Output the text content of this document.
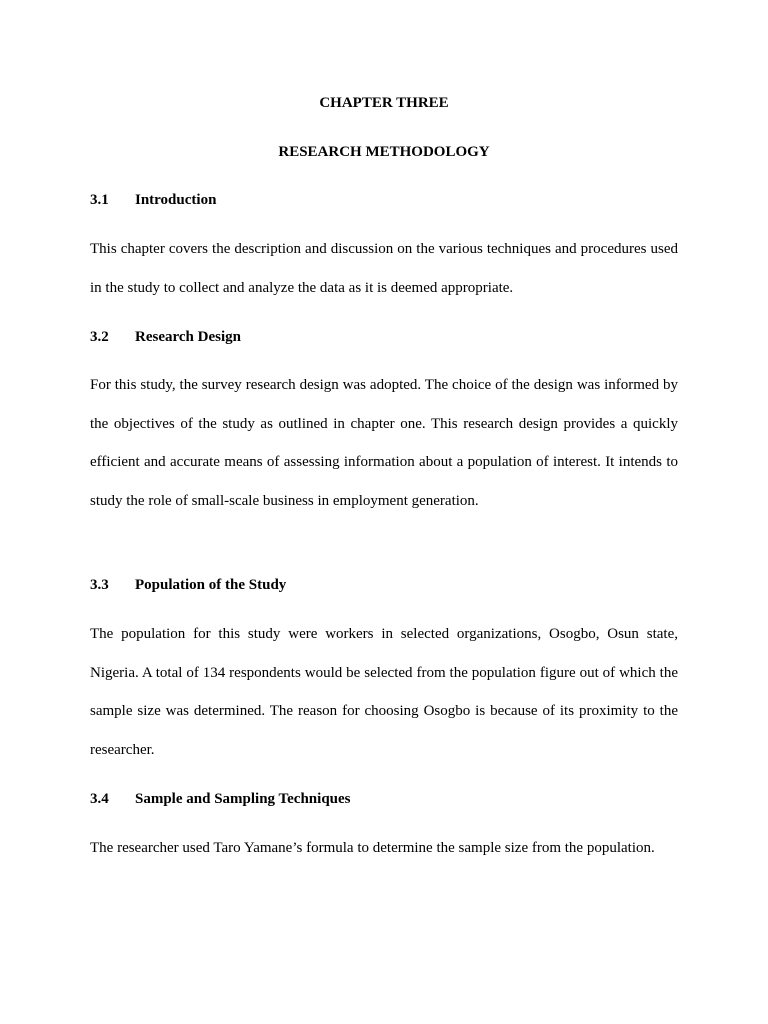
CHAPTER THREE
RESEARCH METHODOLOGY
3.1 Introduction

This chapter covers the description and discussion on the various techniques and procedures used in the study to collect and analyze the data as it is deemed appropriate.

3.2 Research Design

For this study, the survey research design was adopted. The choice of the design was informed by the objectives of the study as outlined in chapter one. This research design provides a quickly efficient and accurate means of assessing information about a population of interest. It intends to study the role of small-scale business in employment generation.

3.3 Population of the Study

The population for this study were workers in selected organizations, Osogbo, Osun state, Nigeria. A total of 134 respondents would be selected from the population figure out of which the sample size was determined. The reason for choosing Osogbo is because of its proximity to the researcher.

3.4 Sample and Sampling Techniques

The researcher used Taro Yamane’s formula to determine the sample size from the population.
